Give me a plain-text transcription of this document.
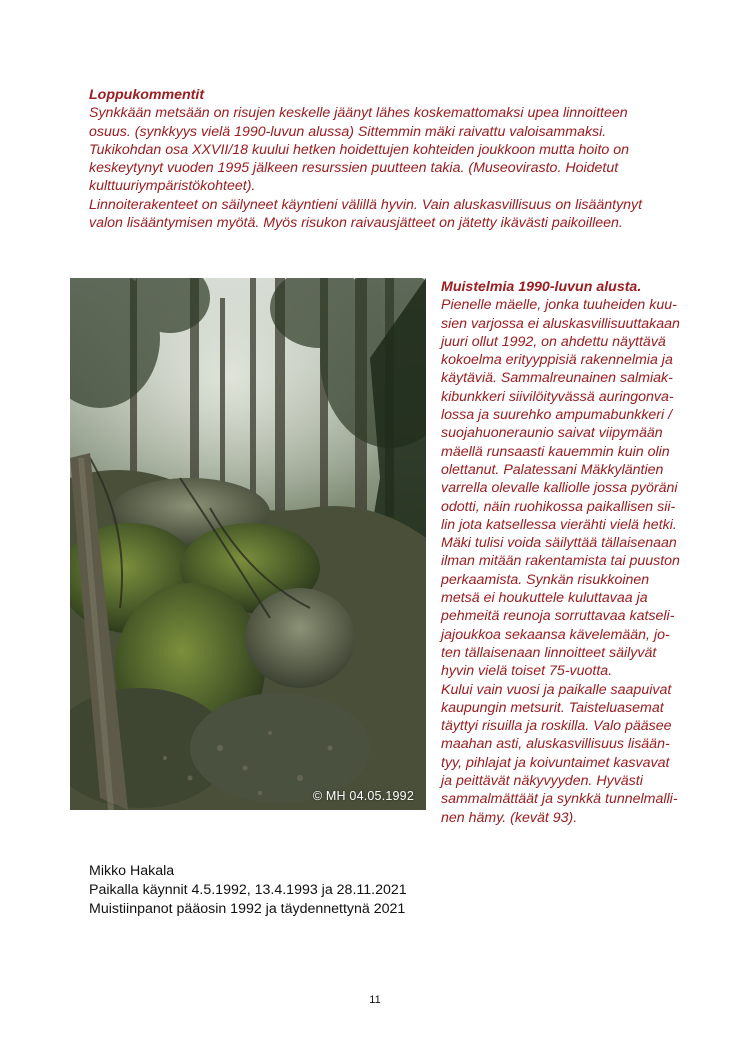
Loppukommentit

Synkkään metsään on risujen keskelle jäänyt lähes koskemattomaksi upea linnoitteen

osuus. (synkkyys vielä 1990-luvun alussa) Sittemmin mäki raivattu valoisammaksi.

Tukikohdan osa XXVII/18 kuului hetken hoidettujen kohteiden joukkoon mutta hoito on

keskeytynyt vuoden 1995 jälkeen resurssien puutteen takia. (Museovirasto. Hoidetut

kulttuuriympäristökohteet).

Linnoiterakenteet on säilyneet käyntieni välillä hyvin. Vain aluskasvillisuus on lisääntynyt

valon lisääntymisen myötä. Myös risukon raivausjätteet on jätetty ikävästi paikoilleen.

© MH 04.05.1992
Muistelmia 1990-luvun alusta.
Pienelle mäelle, jonka tuuheiden kuu-
sien varjossa ei aluskasvillisuuttakaan
juuri ollut 1992, on ahdettu näyttävä
kokoelma erityyppisiä rakennelmia ja
käytäviä. Sammalreunainen salmiak-
kibunkkeri siivilöityvässä auringonva-
lossa ja suurehko ampumabunkkeri /
suojahuoneraunio saivat viipymään
mäellä runsaasti kauemmin kuin olin
olettanut. Palatessani Mäkkyläntien
varrella olevalle kalliolle jossa pyöräni
odotti, näin ruohikossa paikallisen sii-
lin jota katsellessa vierähti vielä hetki.
Mäki tulisi voida säilyttää tällaisenaan
ilman mitään rakentamista tai puuston
perkaamista. Synkän risukkoinen
metsä ei houkuttele kuluttavaa ja
pehmeitä reunoja sorruttavaa katseli-
jajoukkoa sekaansa kävelemään, jo-
ten tällaisenaan linnoitteet säilyvät
hyvin vielä toiset 75-vuotta.
Kului vain vuosi ja paikalle saapuivat
kaupungin metsurit. Taisteluasemat
täyttyi risuilla ja roskilla. Valo pääsee
maahan asti, aluskasvillisuus lisään-
tyy, pihlajat ja koivuntaimet kasvavat
ja peittävät näkyvyyden. Hyvästi
sammalmättäät ja synkkä tunnelmalli-
nen hämy. (kevät 93).
Mikko Hakala
Paikalla käynnit 4.5.1992, 13.4.1993 ja 28.11.2021
Muistiinpanot pääosin 1992 ja täydennettynä 2021
11
